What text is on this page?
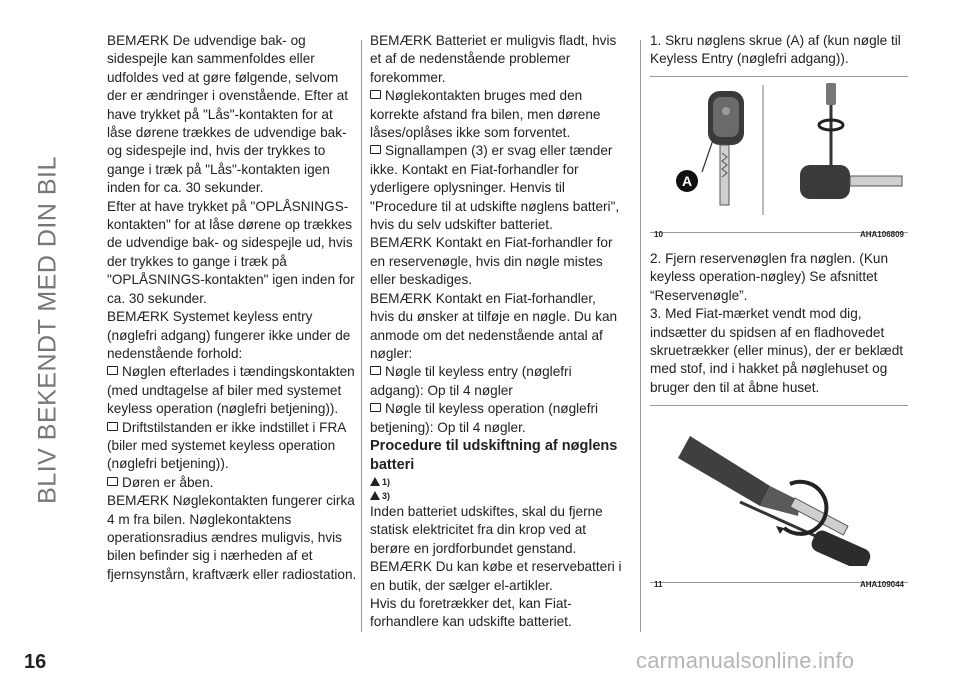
BLIV BEKENDT MED DIN BIL

BEMÆRK De udvendige bak- og sidespejle kan sammenfoldes eller udfoldes ved at gøre følgende, selvom der er ændringer i ovenstående. Efter at have trykket på "Lås"-kontakten for at låse dørene trækkes de udvendige bak- og sidespejle ind, hvis der trykkes to gange i træk på "Lås"-kontakten igen inden for ca. 30 sekunder.

Efter at have trykket på "OPLÅSNINGS-kontakten" for at låse dørene op trækkes de udvendige bak- og sidespejle ud, hvis der trykkes to gange i træk på "OPLÅSNINGS-kontakten" igen inden for ca. 30 sekunder.

BEMÆRK Systemet keyless entry (nøglefri adgang) fungerer ikke under de nedenstående forhold:

Nøglen efterlades i tændingskontakten (med undtagelse af biler med systemet keyless operation (nøglefri betjening)).

Driftstilstanden er ikke indstillet i FRA (biler med systemet keyless operation (nøglefri betjening)).

Døren er åben.

BEMÆRK Nøglekontakten fungerer cirka 4 m fra bilen. Nøglekontaktens operationsradius ændres muligvis, hvis bilen befinder sig i nærheden af et fjernsynstårn, kraftværk eller radiostation.

BEMÆRK Batteriet er muligvis fladt, hvis et af de nedenstående problemer forekommer.

Nøglekontakten bruges med den korrekte afstand fra bilen, men dørene låses/oplåses ikke som forventet.

Signallampen (3) er svag eller tænder ikke. Kontakt en Fiat-forhandler for yderligere oplysninger. Henvis til "Procedure til at udskifte nøglens batteri", hvis du selv udskifter batteriet.

BEMÆRK Kontakt en Fiat-forhandler for en reservenøgle, hvis din nøgle mistes eller beskadiges.

BEMÆRK Kontakt en Fiat-forhandler, hvis du ønsker at tilføje en nøgle. Du kan anmode om det nedenstående antal af nøgler:

Nøgle til keyless entry (nøglefri adgang): Op til 4 nøgler

Nøgle til keyless operation (nøglefri betjening): Op til 4 nøgler.

Procedure til udskiftning af nøglens batteri

1)

3)

Inden batteriet udskiftes, skal du fjerne statisk elektricitet fra din krop ved at berøre en jordforbundet genstand.

BEMÆRK Du kan købe et reservebatteri i en butik, der sælger el-artikler.

Hvis du foretrækker det, kan Fiat-forhandlere kan udskifte batteriet.

1. Skru nøglens skrue (A) af (kun nøgle til Keyless Entry (nøglefri adgang)).

A
10	AHA106809

2. Fjern reservenøglen fra nøglen. (Kun keyless operation-nøgley) Se afsnittet “Reservenøgle”.

3. Med Fiat-mærket vendt mod dig, indsætter du spidsen af en fladhovedet skruetrækker (eller minus), der er beklædt med stof, ind i hakket på nøglehuset og bruger den til at åbne huset.

11	AHA109044
16	carmanualsonline.info
